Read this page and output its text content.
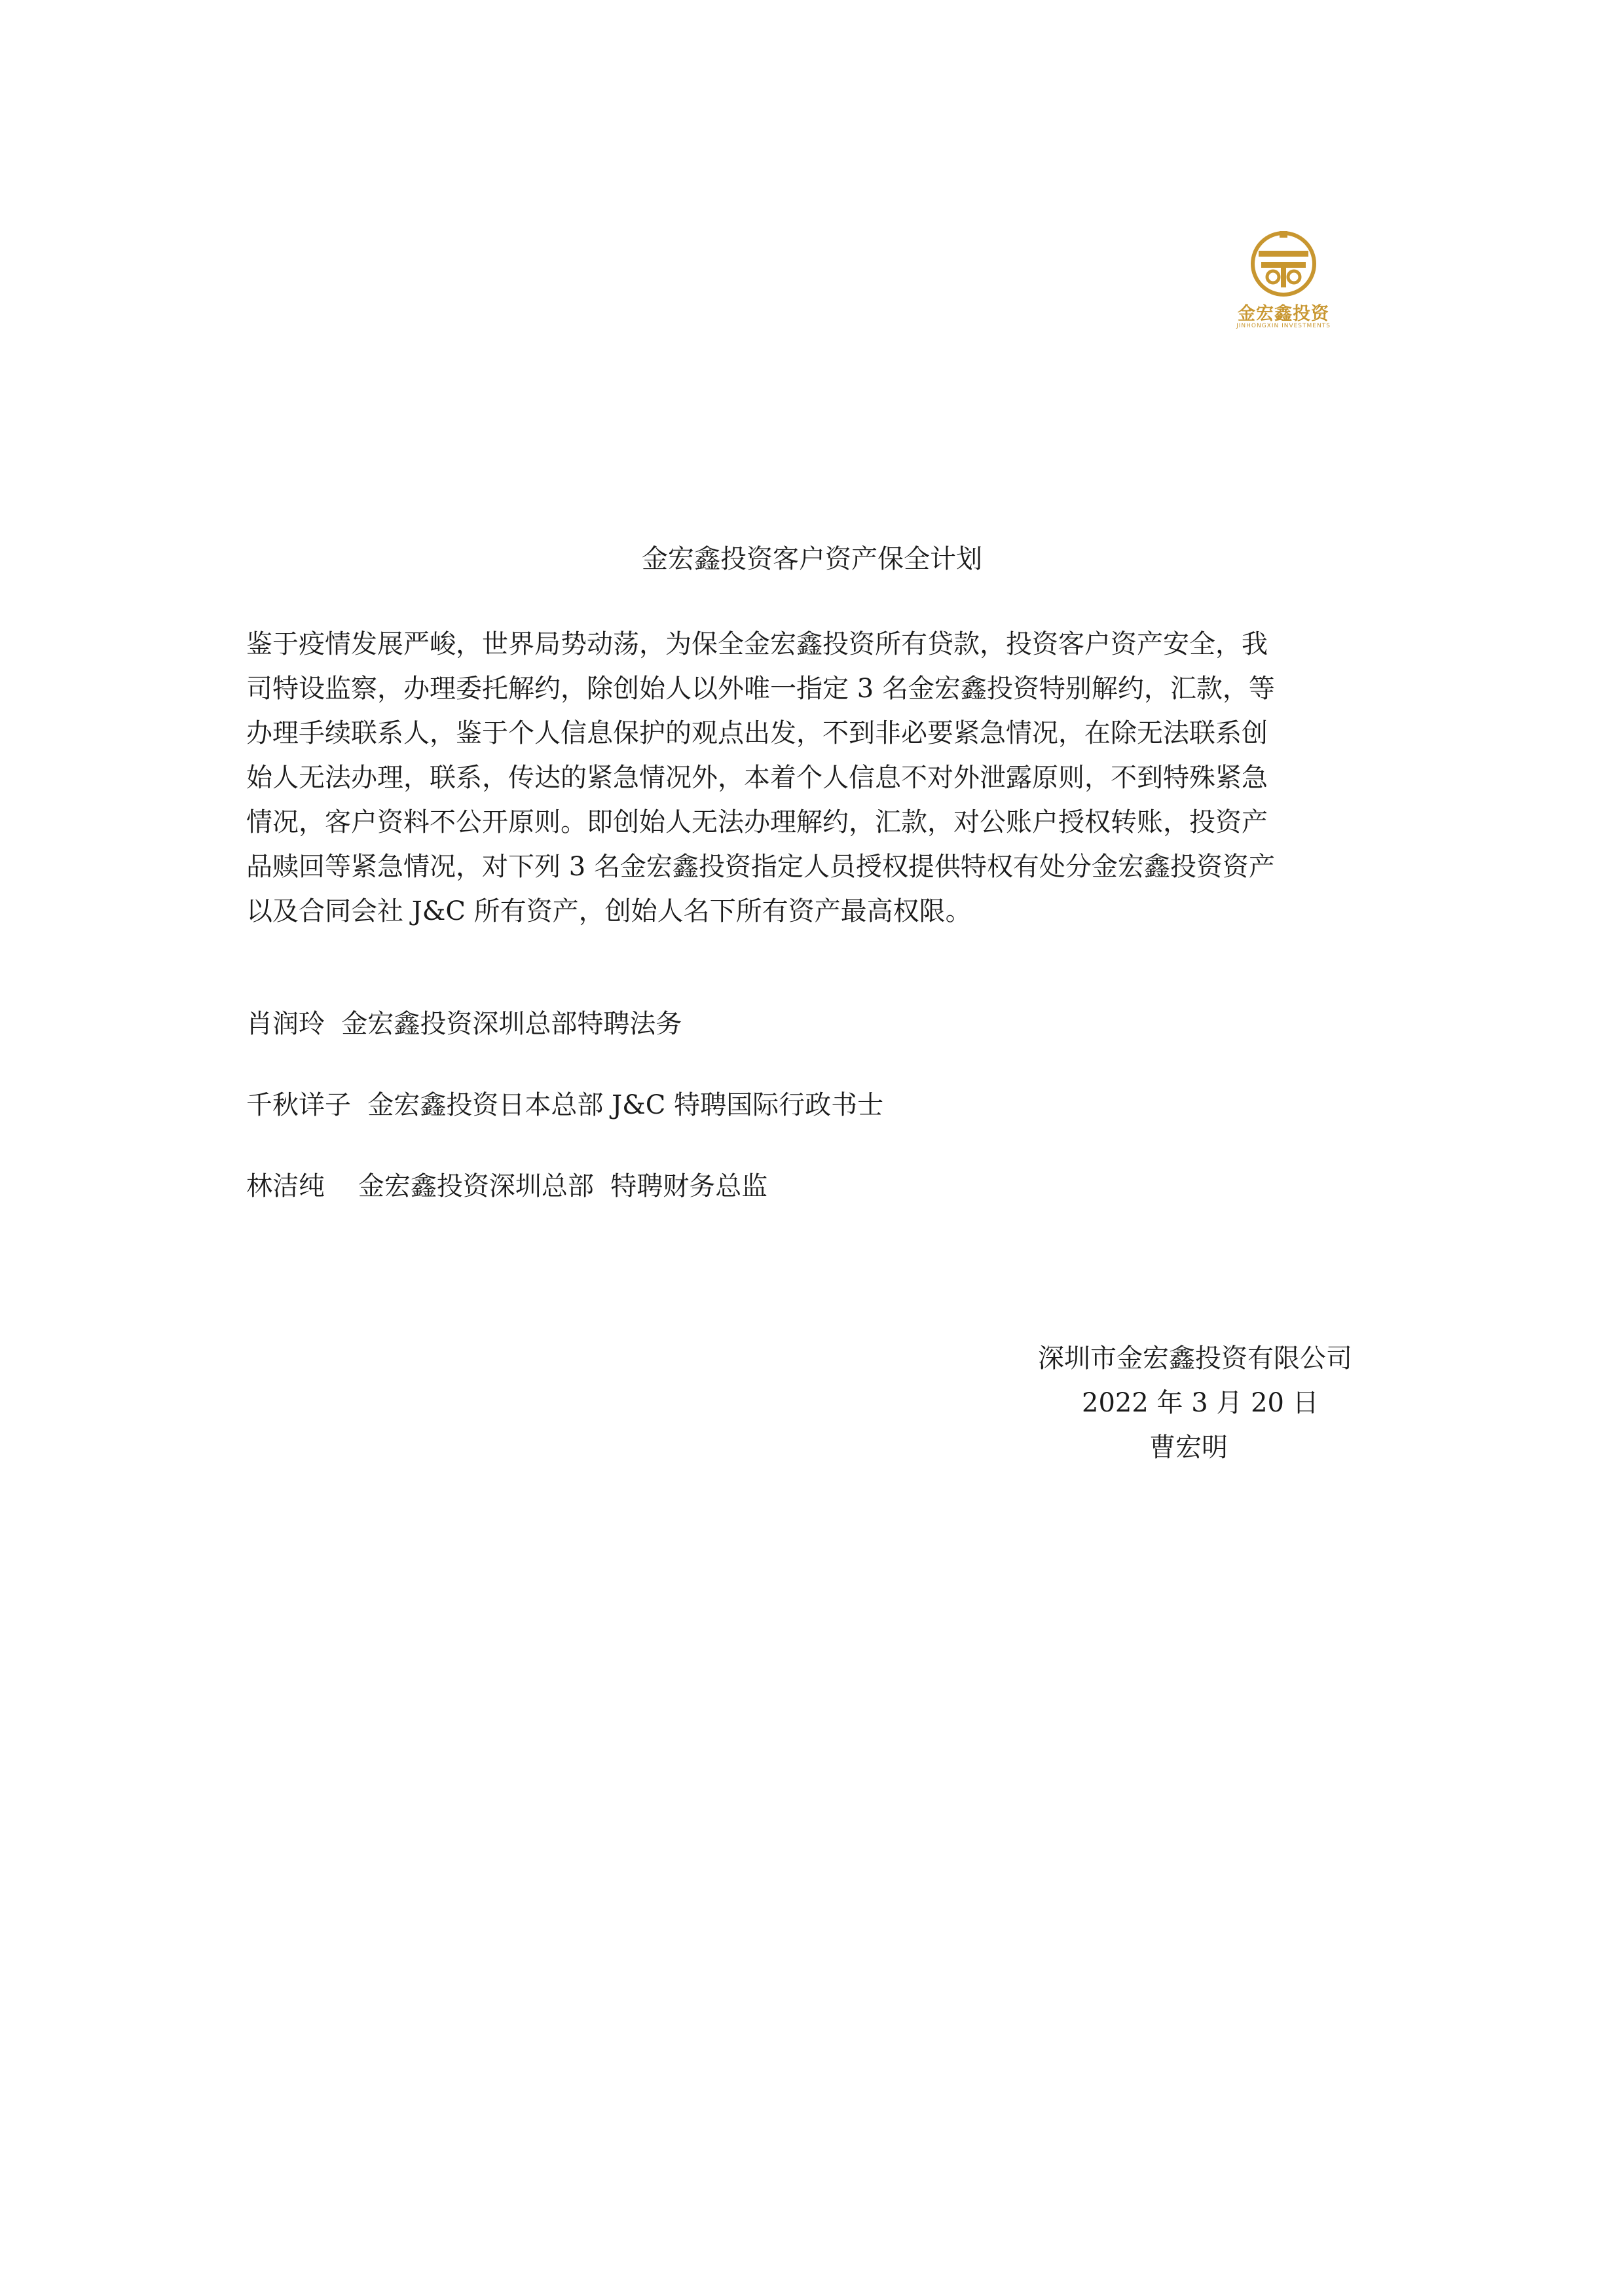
金宏鑫投资
JINHONGXIN INVESTMENTS
金宏鑫投资客户资产保全计划
鉴于疫情发展严峻，世界局势动荡，为保全金宏鑫投资所有贷款，投资客户资产安全，我
司特设监察，办理委托解约，除创始人以外唯一指定 3 名金宏鑫投资特别解约，汇款，等
办理手续联系人，鉴于个人信息保护的观点出发，不到非必要紧急情况，在除无法联系创
始人无法办理，联系，传达的紧急情况外，本着个人信息不对外泄露原则，不到特殊紧急
情况，客户资料不公开原则。即创始人无法办理解约，汇款，对公账户授权转账，投资产
品赎回等紧急情况，对下列 3 名金宏鑫投资指定人员授权提供特权有处分金宏鑫投资资产
以及合同会社 J&C 所有资产，创始人名下所有资产最高权限。
肖润玲  金宏鑫投资深圳总部特聘法务
千秋详子  金宏鑫投资日本总部 J&C 特聘国际行政书士
林洁纯    金宏鑫投资深圳总部  特聘财务总监
深圳市金宏鑫投资有限公司
2022 年 3 月 20 日
曹宏明
